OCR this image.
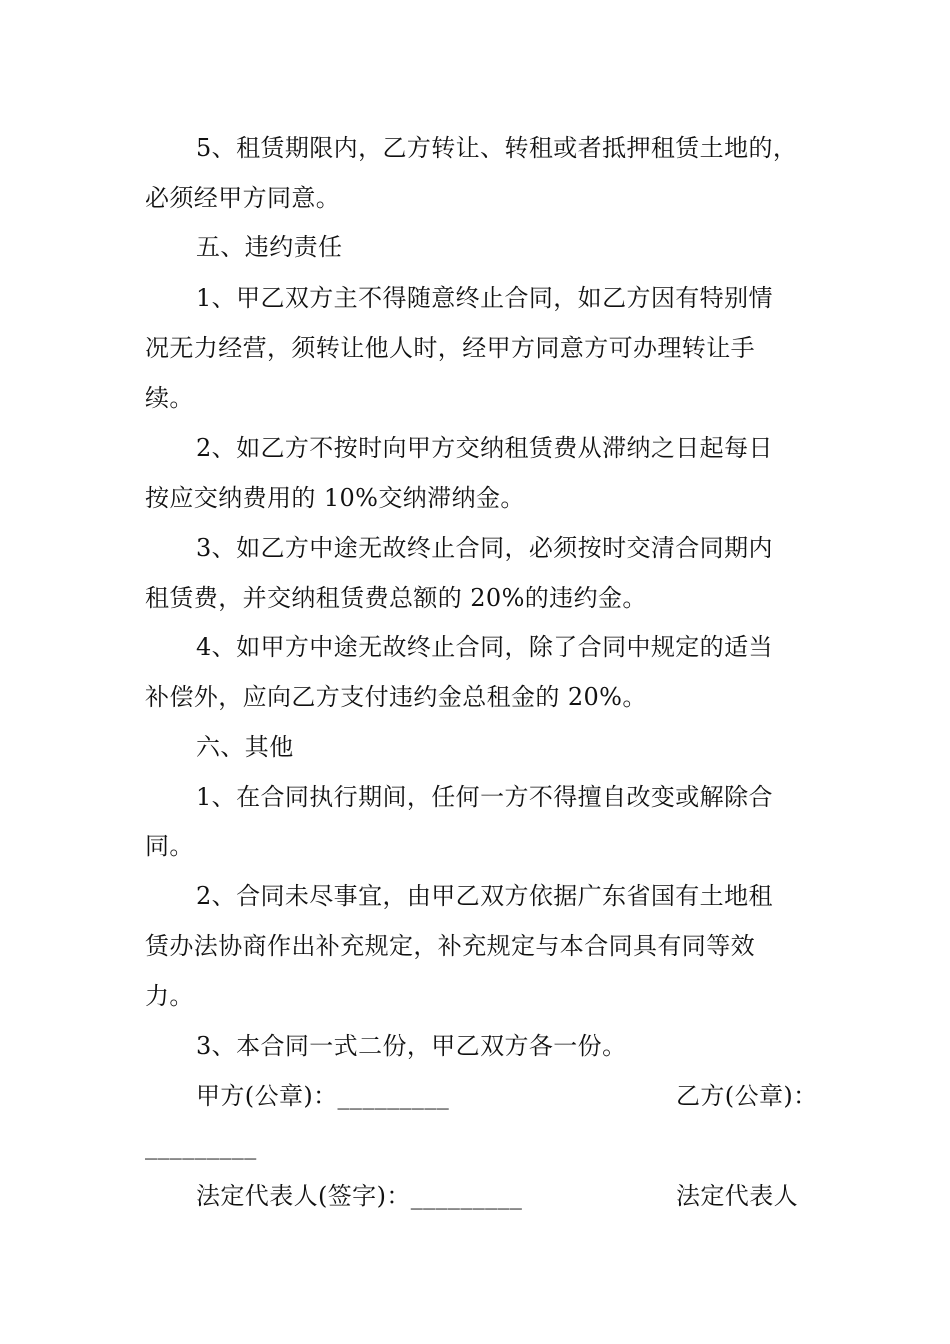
5、租赁期限内，乙方转让、转租或者抵押租赁土地的，
必须经甲方同意。
五、违约责任
1、甲乙双方主不得随意终止合同，如乙方因有特别情
况无力经营，须转让他人时，经甲方同意方可办理转让手
续。
2、如乙方不按时向甲方交纳租赁费从滞纳之日起每日
按应交纳费用的 10%交纳滞纳金。
3、如乙方中途无故终止合同，必须按时交清合同期内
租赁费，并交纳租赁费总额的 20%的违约金。
4、如甲方中途无故终止合同，除了合同中规定的适当
补偿外，应向乙方支付违约金总租金的 20%。
六、其他
1、在合同执行期间，任何一方不得擅自改变或解除合
同。
2、合同未尽事宜，由甲乙双方依据广东省国有土地租
赁办法协商作出补充规定，补充规定与本合同具有同等效
力。
3、本合同一式二份，甲乙双方各一份。
甲方(公章)：_________	乙方(公章)：
_________
法定代表人(签字)：_________	法定代表人
